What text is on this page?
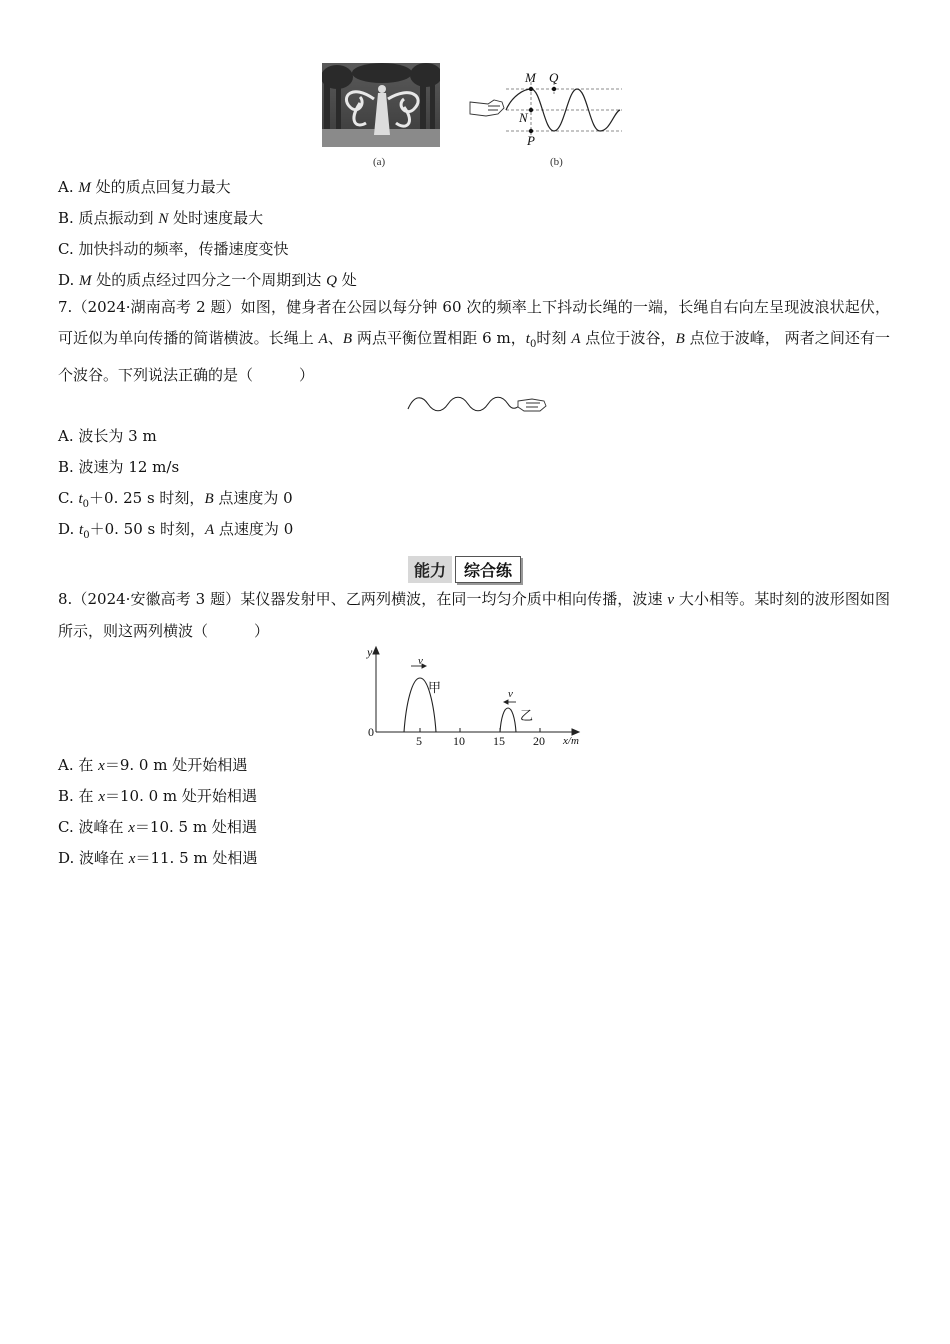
(a)
M Q
N
P
(b)
A. M 处的质点回复力最大
B. 质点振动到 N 处时速度最大
C. 加快抖动的频率，传播速度变快
D. M 处的质点经过四分之一个周期到达 Q 处
7.（2024·湖南高考 2 题）如图，健身者在公园以每分钟 60 次的频率上下抖动长绳的一端，长绳自右向左呈现波浪状起伏，可近似为单向传播的简谐横波。长绳上 A、B 两点平衡位置相距 6 m，$t_0$时刻 A 点位于波谷，B 点位于波峰， 两者之间还有一个波谷。下列说法正确的是（	）
A. 波长为 3 m
B. 波速为 12 m/s
C. $t_0+0$. 25 s 时刻，B 点速度为 0
D. $t_0+0$. 50 s 时刻，A 点速度为 0
能力	综合练
8.（2024·安徽高考 3 题）某仪器发射甲、乙两列横波，在同一均匀介质中相向传播，波速 v 大小相等。某时刻的波形图如图所示，则这两列横波（	）
y
x/m
0
5	10 15 20
v
v
甲
乙
A. 在 x＝9. 0 m 处开始相遇
B. 在 x＝10. 0 m 处开始相遇
C. 波峰在 x＝10. 5 m 处相遇
D. 波峰在 x＝11. 5 m 处相遇
